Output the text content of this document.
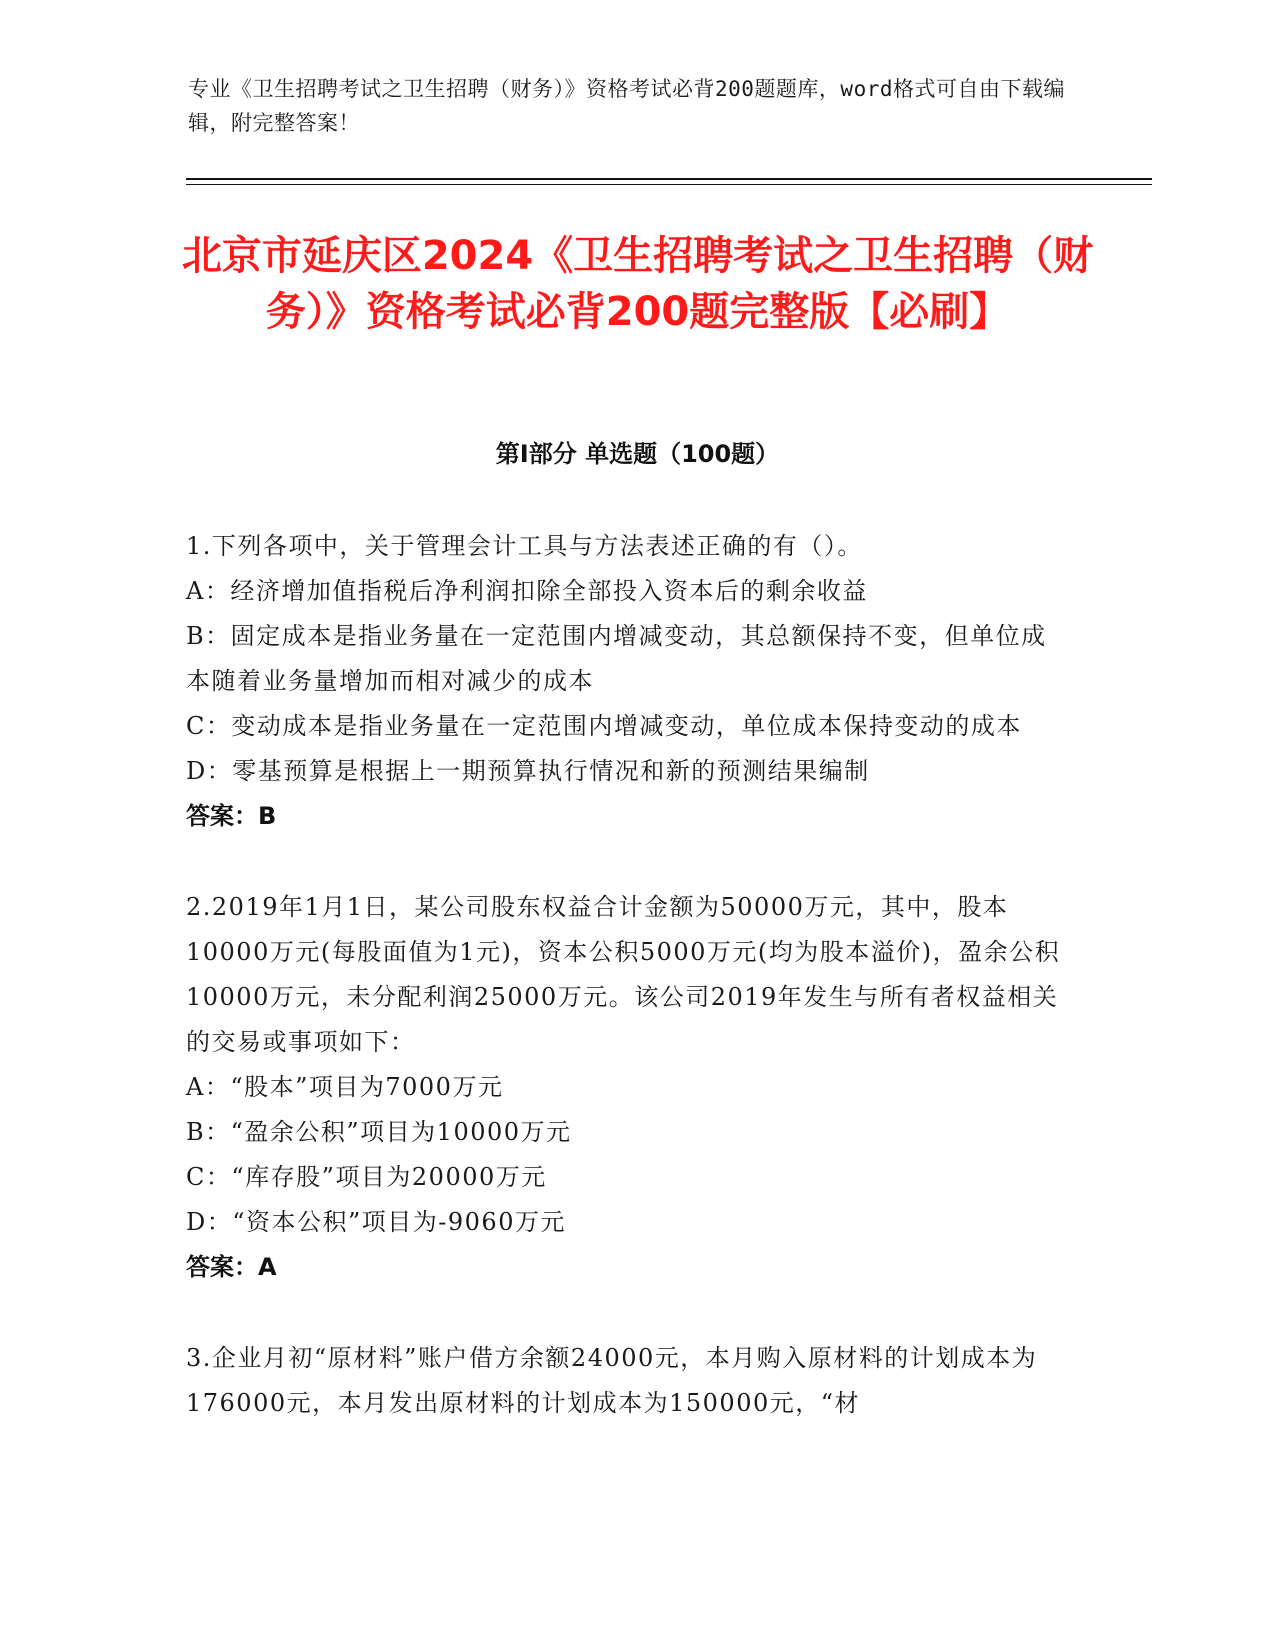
专业《卫生招聘考试之卫生招聘（财务）》资格考试必背200题题库，word格式可自由下载编辑，附完整答案！
北京市延庆区2024《卫生招聘考试之卫生招聘（财务）》资格考试必背200题完整版【必刷】
第I部分 单选题（100题）

1.下列各项中，关于管理会计工具与方法表述正确的有（）。

A：经济增加值指税后净利润扣除全部投入资本后的剩余收益

B：固定成本是指业务量在一定范围内增减变动，其总额保持不变，但单位成本随着业务量增加而相对减少的成本

C：变动成本是指业务量在一定范围内增减变动，单位成本保持变动的成本

D：零基预算是根据上一期预算执行情况和新的预测结果编制

答案：B

2.2019年1月1日，某公司股东权益合计金额为50000万元，其中，股本10000万元(每股面值为1元)，资本公积5000万元(均为股本溢价)，盈余公积10000万元，未分配利润25000万元。该公司2019年发生与所有者权益相关的交易或事项如下：

A：“股本”项目为7000万元

B：“盈余公积”项目为10000万元

C：“库存股”项目为20000万元

D：“资本公积”项目为-9060万元

答案：A

3.企业月初“原材料”账户借方余额24000元，本月购入原材料的计划成本为176000元，本月发出原材料的计划成本为150000元，“材
